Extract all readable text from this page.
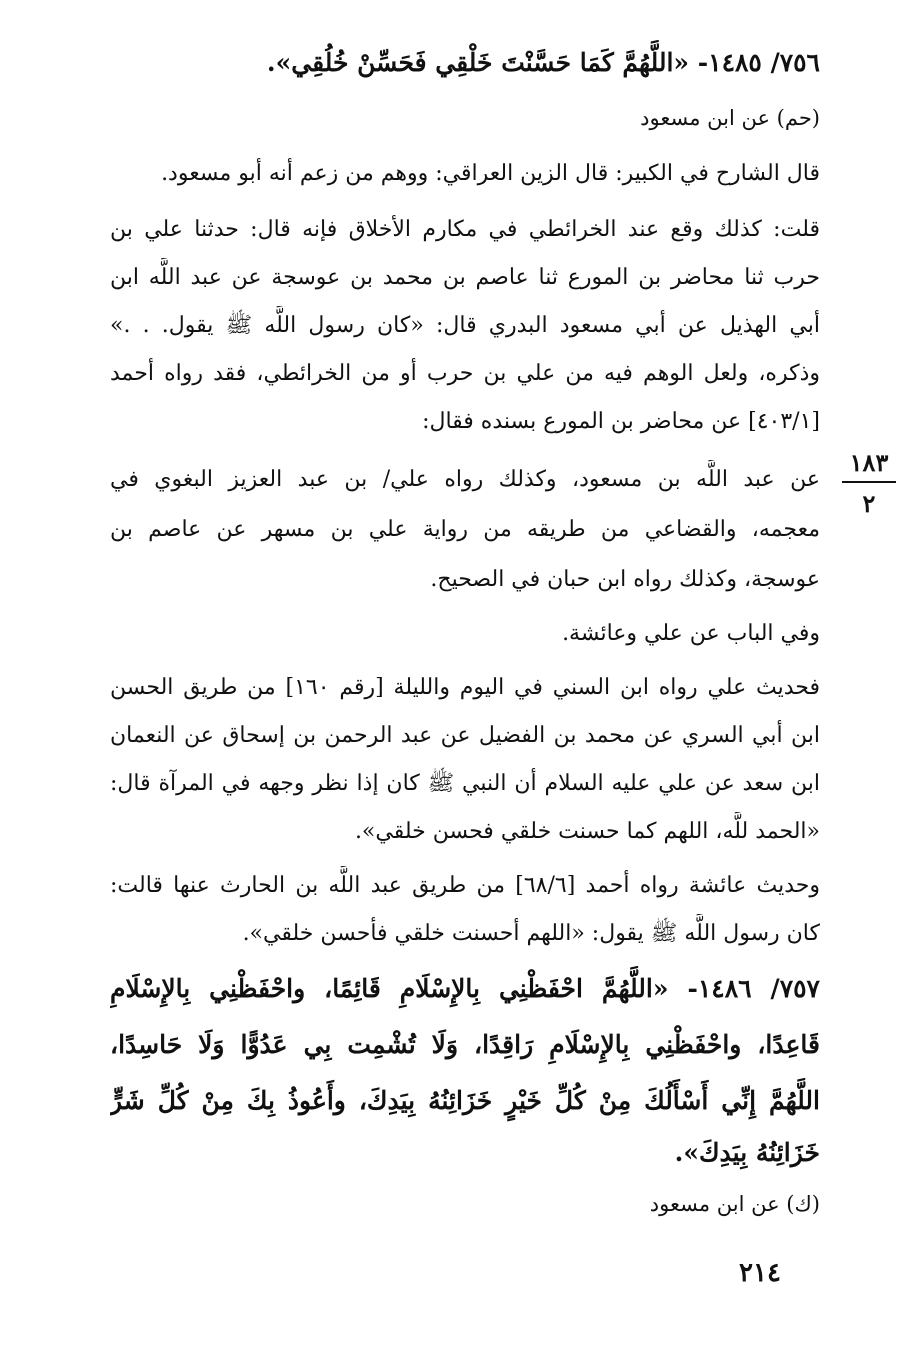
٧٥٦/ ١٤٨٥- «اللَّهُمَّ كَمَا حَسَّنْتَ خَلْقِي فَحَسِّنْ خُلُقِي».
(حم) عن ابن مسعود
قال الشارح في الكبير: قال الزين العراقي: ووهم من زعم أنه أبو مسعود.
قلت: كذلك وقع عند الخرائطي في مكارم الأخلاق فإنه قال: حدثنا علي بن
حرب ثنا محاضر بن المورع ثنا عاصم بن محمد بن عوسجة عن عبد اللَّه ابن
أبي الهذيل عن أبي مسعود البدري قال: «كان رسول اللَّه ﷺ يقول. . .»
وذكره، ولعل الوهم فيه من علي بن حرب أو من الخرائطي، فقد رواه أحمد
[٤٠٣/١] عن محاضر بن المورع بسنده فقال:
عن عبد اللَّه بن مسعود، وكذلك رواه علي/ بن عبد العزيز البغوي في
معجمه، والقضاعي من طريقه من رواية علي بن مسهر عن عاصم بن
عوسجة، وكذلك رواه ابن حبان في الصحيح.
وفي الباب عن علي وعائشة.
فحديث علي رواه ابن السني في اليوم والليلة [رقم ١٦٠] من طريق الحسن
ابن أبي السري عن محمد بن الفضيل عن عبد الرحمن بن إسحاق عن النعمان
ابن سعد عن علي عليه السلام أن النبي ﷺ كان إذا نظر وجهه في المرآة قال:
«الحمد للَّه، اللهم كما حسنت خلقي فحسن خلقي».
وحديث عائشة رواه أحمد [٦٨/٦] من طريق عبد اللَّه بن الحارث عنها قالت:
كان رسول اللَّه ﷺ يقول: «اللهم أحسنت خلقي فأحسن خلقي».
٧٥٧/ ١٤٨٦- «اللَّهُمَّ احْفَظْنِي بِالإِسْلَامِ قَائِمًا، واحْفَظْنِي بِالإِسْلَامِ
قَاعِدًا، واحْفَظْنِي بِالإِسْلَامِ رَاقِدًا، وَلَا تُشْمِت بِي عَدُوًّا وَلَا حَاسِدًا،
اللَّهُمَّ إِنِّي أَسْأَلُكَ مِنْ كُلِّ خَيْرٍ خَزَائِنُهُ بِيَدِكَ، وأَعُوذُ بِكَ مِنْ كُلِّ شَرٍّ
خَزَائِنُهُ بِيَدِكَ».
(ك) عن ابن مسعود
١٨٣
٢
٢١٤
